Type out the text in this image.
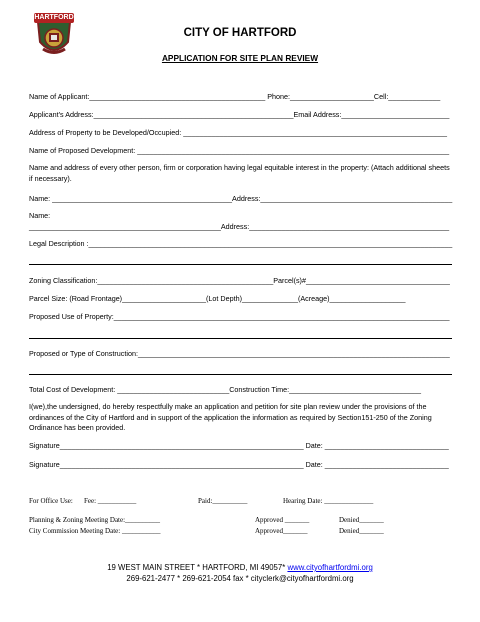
HARTFORD
CITY OF HARTFORD
APPLICATION FOR SITE PLAN REVIEW
Name of Applicant:____________________________________________ Phone:_____________________Cell:_____________
Applicant’s Address:__________________________________________________Email Address:___________________________
Address of Property to be Developed/Occupied: __________________________________________________________________
Name of Proposed Development: ______________________________________________________________________________
Name and address of every other person, firm or corporation having legal equitable interest in the property: (Attach additional sheets if necessary).
Name: _____________________________________________Address:________________________________________________
Name:
________________________________________________Address:__________________________________________________
Legal Description :___________________________________________________________________________________________
Zoning Classification:____________________________________________Parcel(s)#____________________________________
Parcel Size: (Road Frontage)_____________________(Lot Depth)______________(Acreage)___________________
Proposed Use of Property:____________________________________________________________________________________
Proposed or Type of Construction:______________________________________________________________________________
Total Cost of Development: ____________________________Construction Time:_________________________________
I(we),the undersigned, do hereby respectfully make an application and petition for site plan review under the provisions of the ordinances of the City of Hartford and in support of the application the information as required by Section151-250 of the Zoning Ordinance has been provided.
Signature_____________________________________________________________ Date: _______________________________
Signature_____________________________________________________________ Date: _______________________________
For Office Use: Fee: ___________	Paid:__________	Hearing Date: ______________
Planning & Zoning Meeting Date:__________	Approved _______	Denied_______
City Commission Meeting Date: ___________	Approved_______	Denied_______
19 WEST MAIN STREET * HARTFORD, MI 49057* www.cityofhartfordmi.org
269-621-2477 * 269-621-2054 fax * cityclerk@cityofhartfordmi.org
